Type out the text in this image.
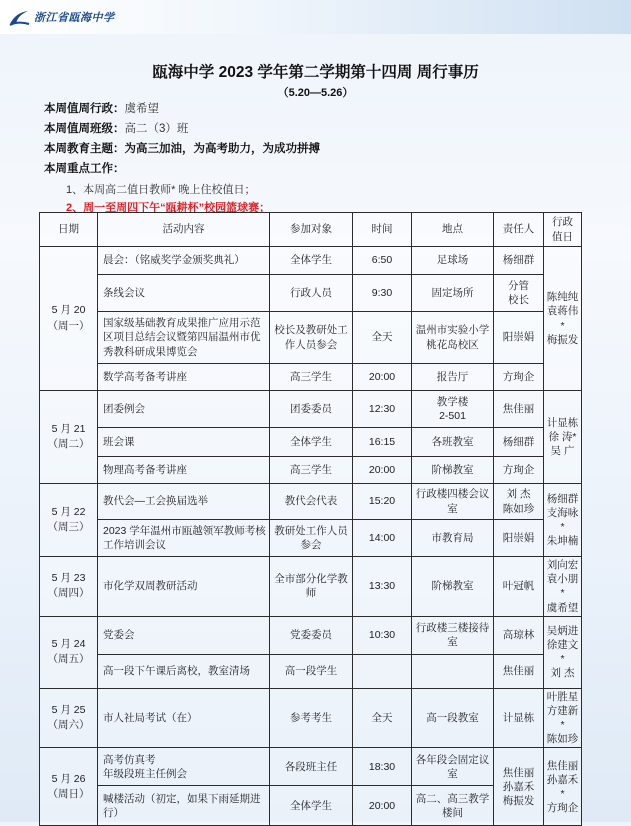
浙江省瓯海中学
瓯海中学 2023 学年第二学期第十四周 周行事历
（5.20—5.26）
本周值周行政：虞希望
本周值周班级：高二（3）班
本周教育主题：为高三加油，为高考助力，为成功拼搏
本周重点工作：
1、本周高二值日教师* 晚上住校值日；
2、周一至周四下午“瓯耕杯”校园篮球赛；
日期	活动内容	参加对象	时间	地点	责任人	行政
值日
5 月 20
（周一）	晨会：（铭威奖学金颁奖典礼）	全体学生	6:50	足球场	杨细群	陈纯纯
袁蒋伟*
梅振发
	条线会议	行政人员	9:30	固定场所	分管
校长	
	国家级基础教育成果推广应用示范区项目总结会议暨第四届温州市优秀教科研成果博览会	校长及教研处工作人员参会	全天	温州市实验小学桃花岛校区	阳崇娟	
	数学高考备考讲座	高三学生	20:00	报告厅	方珣企	
5 月 21
（周二）	团委例会	团委委员	12:30	教学楼
2-501	焦佳丽	计显栋
徐 涛*
吴 广
	班会课	全体学生	16:15	各班教室	杨细群	
	物理高考备考讲座	高三学生	20:00	阶梯教室	方珣企	
5 月 22
（周三）	教代会—工会换届选举	教代会代表	15:20	行政楼四楼会议室	刘 杰
陈如珍	杨细群
支海咏*
朱坤楠
	2023 学年温州市瓯越领军教师考核工作培训会议	教研处工作人员参会	14:00	市教育局	阳崇娟	
5 月 23
（周四）	市化学双周教研活动	全市部分化学教师	13:30	阶梯教室	叶冠帆	刘向宏
袁小朋*
虞希望
5 月 24
（周五）	党委会	党委委员	10:30	行政楼三楼接待室	高琼林	吴炳进
徐建文*
刘 杰
	高一段下午课后离校，教室清场	高一段学生			焦佳丽	
5 月 25
（周六）	市人社局考试（在）	参考考生	全天	高一段教室	计显栋	叶胜星
方建新*
陈如珍
5 月 26
（周日）	高考仿真考
年级段班主任例会	各段班主任	18:30	各年段会固定议室	焦佳丽
孙嘉禾
梅振发	焦佳丽
孙嘉禾*
方珣企
	喊楼活动（初定，如果下雨延期进行）	全体学生	20:00	高二、高三教学楼间		
